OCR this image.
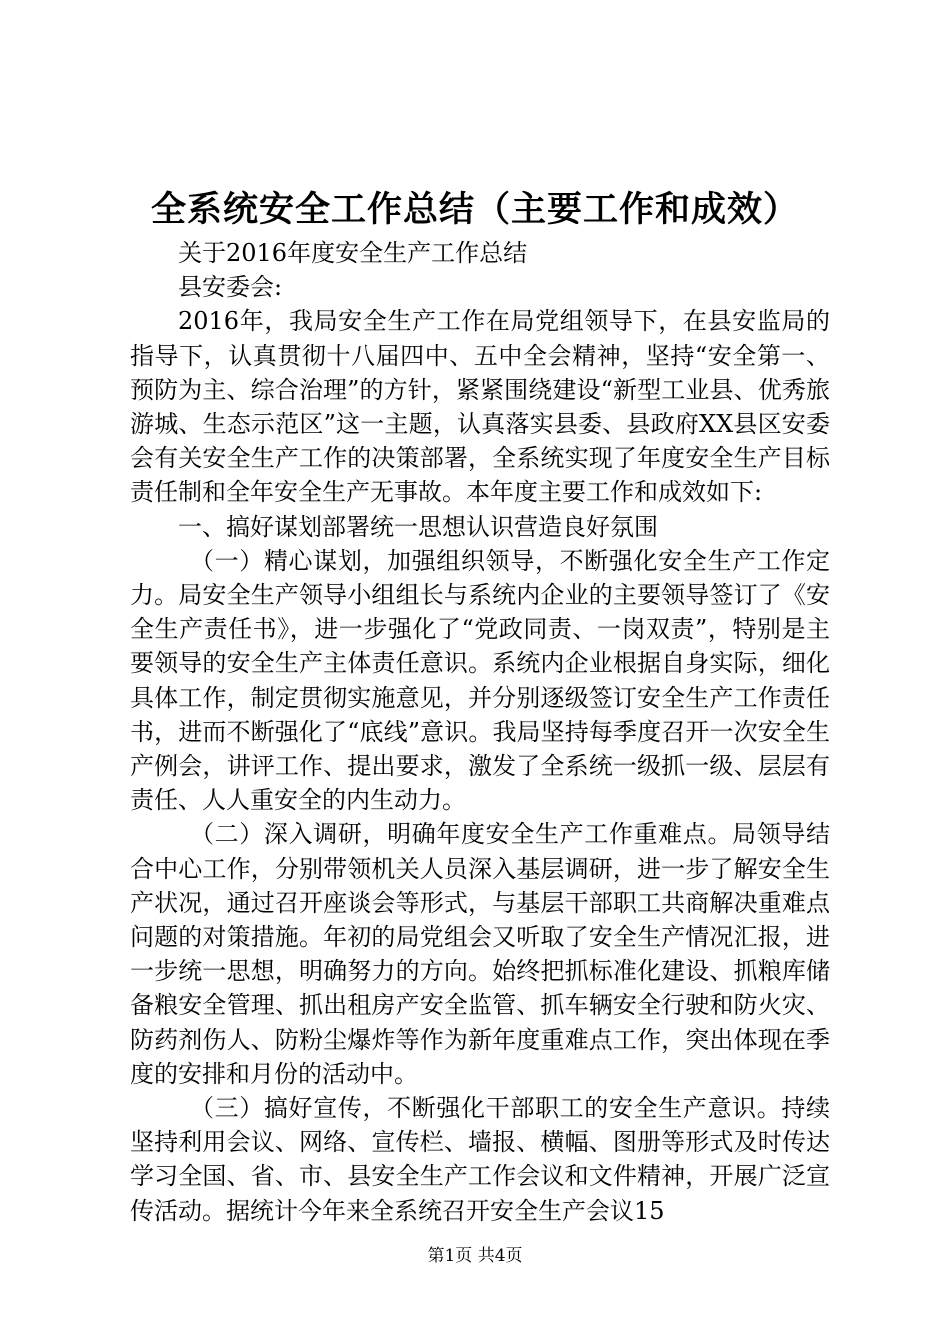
全系统安全工作总结（主要工作和成效）

关于2016年度安全生产工作总结

县安委会:

2016年，我局安全生产工作在局党组领导下，在县安监局的指导下，认真贯彻十八届四中、五中全会精神，坚持“安全第一、预防为主、综合治理”的方针，紧紧围绕建设“新型工业县、优秀旅游城、生态示范区”这一主题，认真落实县委、县政府XX县区安委会有关安全生产工作的决策部署，全系统实现了年度安全生产目标责任制和全年安全生产无事故。本年度主要工作和成效如下:

一、搞好谋划部署统一思想认识营造良好氛围

（一）精心谋划，加强组织领导，不断强化安全生产工作定力。局安全生产领导小组组长与系统内企业的主要领导签订了《安全生产责任书》，进一步强化了“党政同责、一岗双责”，特别是主要领导的安全生产主体责任意识。系统内企业根据自身实际，细化具体工作，制定贯彻实施意见，并分别逐级签订安全生产工作责任书，进而不断强化了“底线”意识。我局坚持每季度召开一次安全生产例会，讲评工作、提出要求，激发了全系统一级抓一级、层层有责任、人人重安全的内生动力。

（二）深入调研，明确年度安全生产工作重难点。局领导结合中心工作，分别带领机关人员深入基层调研，进一步了解安全生产状况，通过召开座谈会等形式，与基层干部职工共商解决重难点问题的对策措施。年初的局党组会又听取了安全生产情况汇报，进一步统一思想，明确努力的方向。始终把抓标准化建设、抓粮库储备粮安全管理、抓出租房产安全监管、抓车辆安全行驶和防火灾、防药剂伤人、防粉尘爆炸等作为新年度重难点工作，突出体现在季度的安排和月份的活动中。

（三）搞好宣传，不断强化干部职工的安全生产意识。持续坚持利用会议、网络、宣传栏、墙报、横幅、图册等形式及时传达学习全国、省、市、县安全生产工作会议和文件精神，开展广泛宣传活动。据统计今年来全系统召开安全生产会议15

第1页 共4页
